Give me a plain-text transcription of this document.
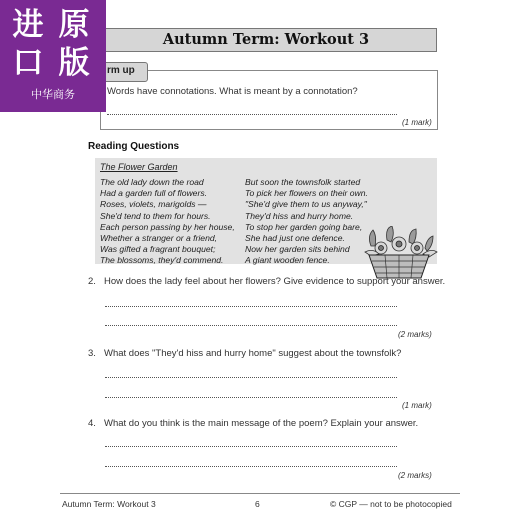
进 原
口 版
中华商务
Autumn Term: Workout 3
rm up
Words have connotations. What is meant by a connotation?
(1 mark)
Reading Questions
The Flower Garden
The old lady down the road
Had a garden full of flowers.
Roses, violets, marigolds —
She'd tend to them for hours.
Each person passing by her house,
Whether a stranger or a friend,
Was gifted a fragrant bouquet;
The blossoms, they'd commend.
But soon the townsfolk started
To pick her flowers on their own.
"She'd give them to us anyway,"
They'd hiss and hurry home.
To stop her garden going bare,
She had just one defence.
Now her garden sits behind
A giant wooden fence.
2. How does the lady feel about her flowers? Give evidence to support your answer.
(2 marks)
3. What does "They'd hiss and hurry home" suggest about the townsfolk?
(1 mark)
4. What do you think is the main message of the poem? Explain your answer.
(2 marks)
Autumn Term: Workout 3	6	© CGP — not to be photocopied
